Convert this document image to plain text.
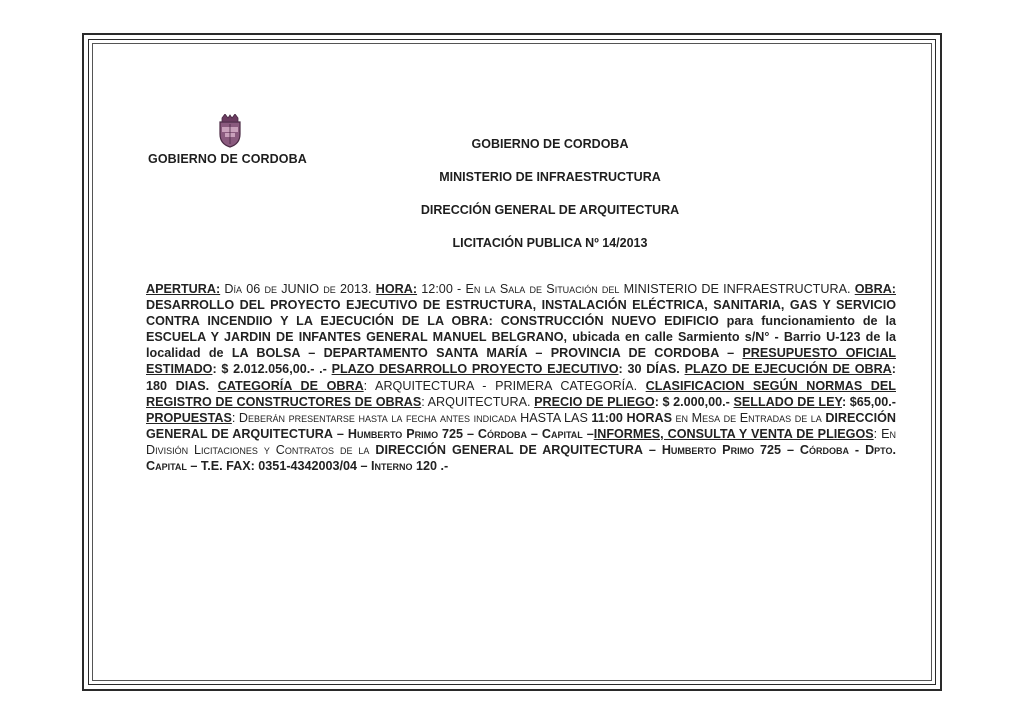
GOBIERNO DE CORDOBA
GOBIERNO DE CORDOBA
MINISTERIO DE INFRAESTRUCTURA
DIRECCIÓN GENERAL DE ARQUITECTURA
LICITACIÓN PUBLICA Nº 14/2013
APERTURA: Día 06 de JUNIO de 2013. HORA: 12:00 - En la Sala de Situación del MINISTERIO DE INFRAESTRUCTURA. OBRA: DESARROLLO DEL PROYECTO EJECUTIVO DE ESTRUCTURA, INSTALACIÓN ELÉCTRICA, SANITARIA, GAS Y SERVICIO CONTRA INCENDIIO Y LA EJECUCIÓN DE LA OBRA: CONSTRUCCIÓN NUEVO EDIFICIO para funcionamiento de la ESCUELA Y JARDIN DE INFANTES GENERAL MANUEL BELGRANO, ubicada en calle Sarmiento s/N° - Barrio U-123 de la localidad de LA BOLSA – DEPARTAMENTO SANTA MARÍA – PROVINCIA DE CORDOBA – PRESUPUESTO OFICIAL ESTIMADO: $ 2.012.056,00.- .- PLAZO DESARROLLO PROYECTO EJECUTIVO: 30 DÍAS. PLAZO DE EJECUCIÓN DE OBRA: 180 DIAS. CATEGORÍA DE OBRA: ARQUITECTURA - PRIMERA CATEGORÍA. CLASIFICACION SEGÚN NORMAS DEL REGISTRO DE CONSTRUCTORES DE OBRAS: ARQUITECTURA. PRECIO DE PLIEGO: $ 2.000,00.- SELLADO DE LEY: $65,00.- PROPUESTAS: Deberán presentarse hasta la fecha antes indicada HASTA LAS 11:00 HORAS en Mesa de Entradas de la DIRECCIÓN GENERAL DE ARQUITECTURA – Humberto Primo 725 – Córdoba – Capital –INFORMES, CONSULTA Y VENTA DE PLIEGOS: En División Licitaciones y Contratos de la DIRECCIÓN GENERAL DE ARQUITECTURA – Humberto Primo 725 – Córdoba - Dpto. Capital – T.E. FAX: 0351-4342003/04 – Interno 120 .-
